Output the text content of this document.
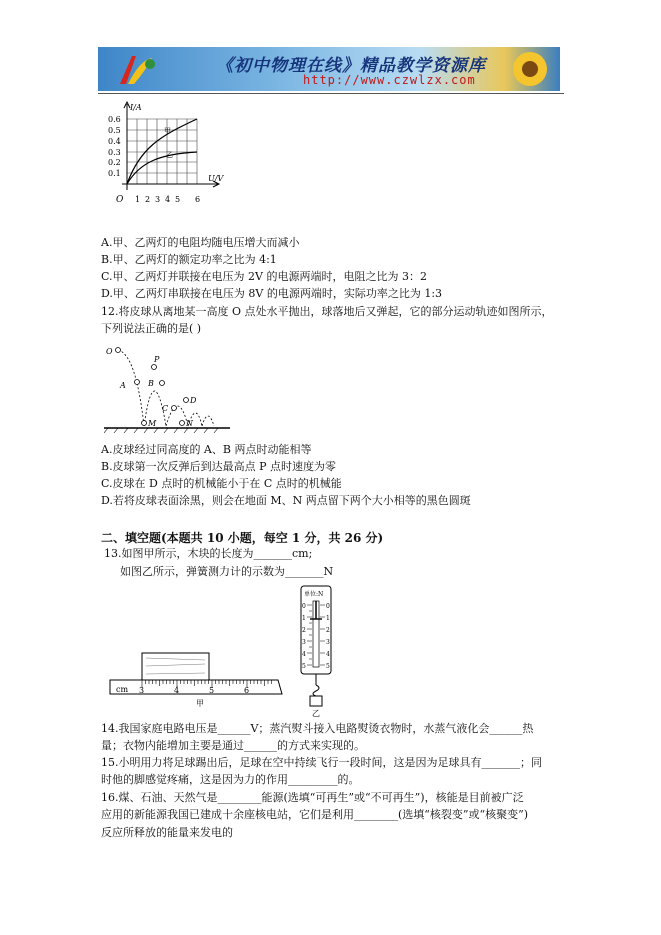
《初中物理在线》精品教学资源库
http://www.czwlzx.com
I/A
U/V
O
0.6
0.5
0.4
0.3
0.2
0.1
1 2 3 4 5 6
甲
乙
A.甲、乙两灯的电阻均随电压增大而减小
B.甲、乙两灯的额定功率之比为 4:1
C.甲、乙两灯并联接在电压为 2V 的电源两端时，电阻之比为 3：2
D.甲、乙两灯串联接在电压为 8V 的电源两端时，实际功率之比为 1:3
12.将皮球从离地某一高度 O 点处水平抛出，球落地后又弹起，它的部分运动轨迹如图所示，
下列说法正确的是( )
O
P
A	B
C
D
M	N
A.皮球经过同高度的 A、B 两点时动能相等
B.皮球第一次反弹后到达最高点 P 点时速度为零
C.皮球在 D 点时的机械能小于在 C 点时的机械能
D.若将皮球表面涂黑，则会在地面 M、N 两点留下两个大小相等的黑色圆斑
二、填空题(本题共 10 小题，每空 1 分，共 26 分)
13.如图甲所示，木块的长度为_______cm;
如图乙所示，弹簧测力计的示数为_______N
cm 3	4	5	6
甲
单位:N
0
1
2
3
4
5
0
1
2
3
4
5
乙
14.我国家庭电路电压是______V；蒸汽熨斗接入电路熨烫衣物时，水蒸气液化会______热
量；衣物内能增加主要是通过______的方式来实现的。
15.小明用力将足球踢出后，足球在空中持续飞行一段时间，这是因为足球具有_______；同
时他的脚感觉疼痛，这是因为力的作用_________的。
16.煤、石油、天然气是________能源(选填“可再生”或“不可再生”)，核能是目前被广泛
应用的新能源我国已建成十余座核电站，它们是利用________(选填“核裂变”或“核聚变”)
反应所释放的能量来发电的
